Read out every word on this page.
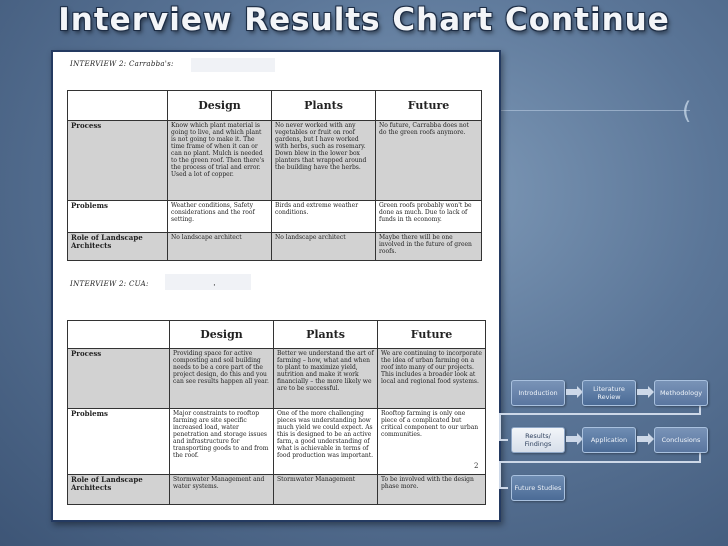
Interview Results Chart Continue
(
INTERVIEW 2: Carrabba's:
	Design	Plants	Future
Process	Know which plant material is going to live, and which plant is not going to make it. The time frame of when it can or can no plant. Mulch is needed to the green roof. Then there's the process of trial and error. Used a lot of copper.	No never worked with any vegetables or fruit on roof gardens, but I have worked with herbs, such as rosemary. Down blew in the lower box planters that wrapped around the building have the herbs.	No future, Carrabba does not do the green roofs anymore.
Problems	Weather conditions, Safety considerations and the roof setting.	Birds and extreme weather conditions.	Green roofs probably won't be done as much. Due to lack of funds in th economy.
Role of Landscape Architects	No landscape architect	No landscape architect	Maybe there will be one involved in the future of green roofs.
INTERVIEW 2: CUA:	·
	Design	Plants	Future
Process	Providing space for active composting and soil building needs to be a core part of the project design, do this and you can see results happen all year.	Better we understand the art of farming – how, what and when to plant to maximize yield, nutrition and make it work financially – the more likely we are to be successful.	We are continuing to incorporate the idea of urban farming on a roof into many of our projects. This includes a broader look at local and regional food systems.
Problems	Major constraints to rooftop farming are site specific increased load, water penetration and storage issues and infrastructure for transporting goods to and from the roof.	One of the more challenging pieces was understanding how much yield we could expect. As this is designed to be an active farm, a good understanding of what is achievable in terms of food production was important.	Rooftop farming is only one piece of a complicated but critical component to our urban communities.
Role of Landscape Architects	Stormwater Management and water systems.	Stormwater Management	To be involved with the design phase more.
2
Introduction	Literature Review	Methodology
Results/ Findings	Application	Conclusions
Future Studies
